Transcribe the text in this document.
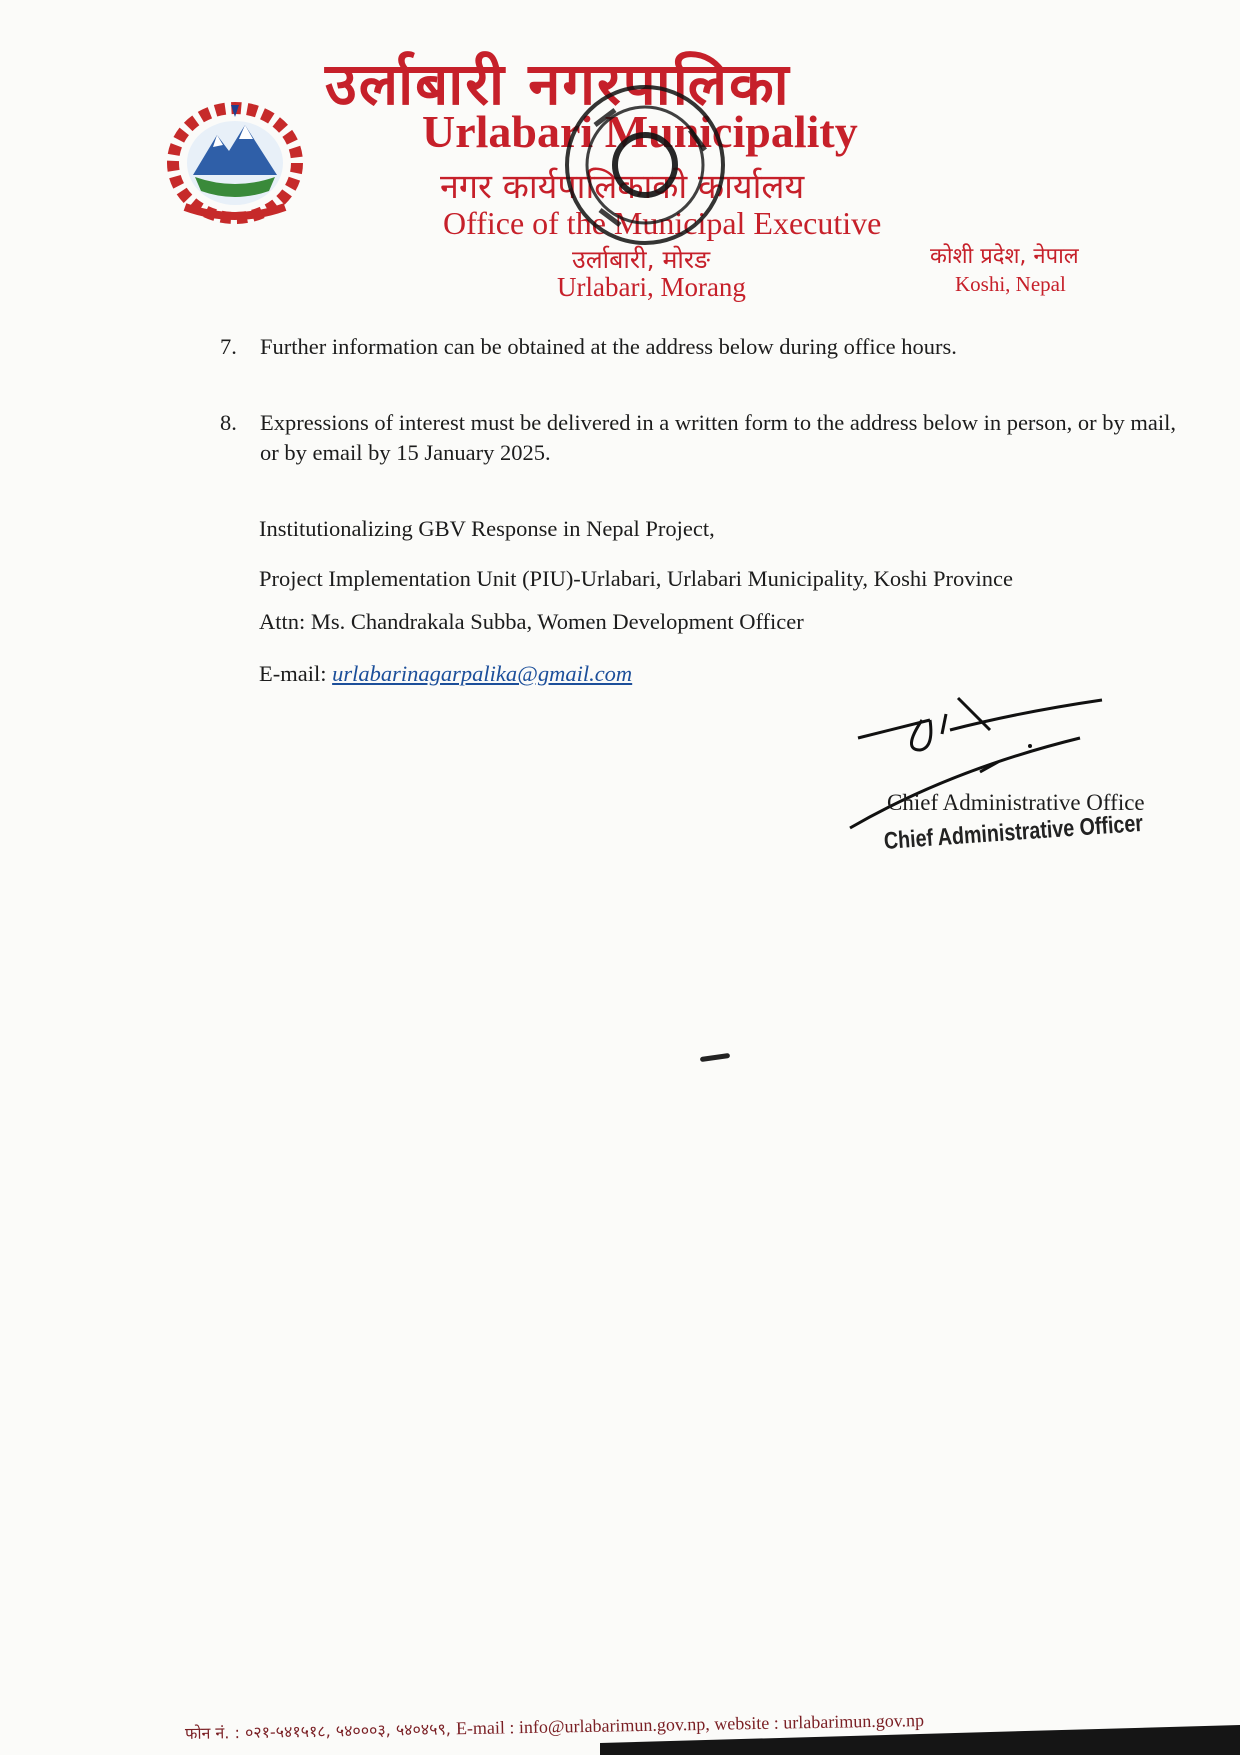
उर्लाबारी नगरपालिका
Urlabari Municipality
नगर कार्यपालिकाको कार्यालय
Office of the Municipal Executive
उर्लाबारी, मोरङ
Urlabari, Morang
कोशी प्रदेश, नेपाल
Koshi, Nepal
7. Further information can be obtained at the address below during office hours.
8. Expressions of interest must be delivered in a written form to the address below in person, or by mail, or by email by 15 January 2025.
Institutionalizing GBV Response in Nepal Project,
Project Implementation Unit (PIU)-Urlabari, Urlabari Municipality, Koshi Province
Attn: Ms. Chandrakala Subba, Women Development Officer
E-mail: urlabarinagarpalika@gmail.com
Chief Administrative Office
Chief Administrative Officer
फोन नं. : ०२१-५४१५१८, ५४०००३, ५४०४५९, E-mail : info@urlabarimun.gov.np, website : urlabarimun.gov.np
